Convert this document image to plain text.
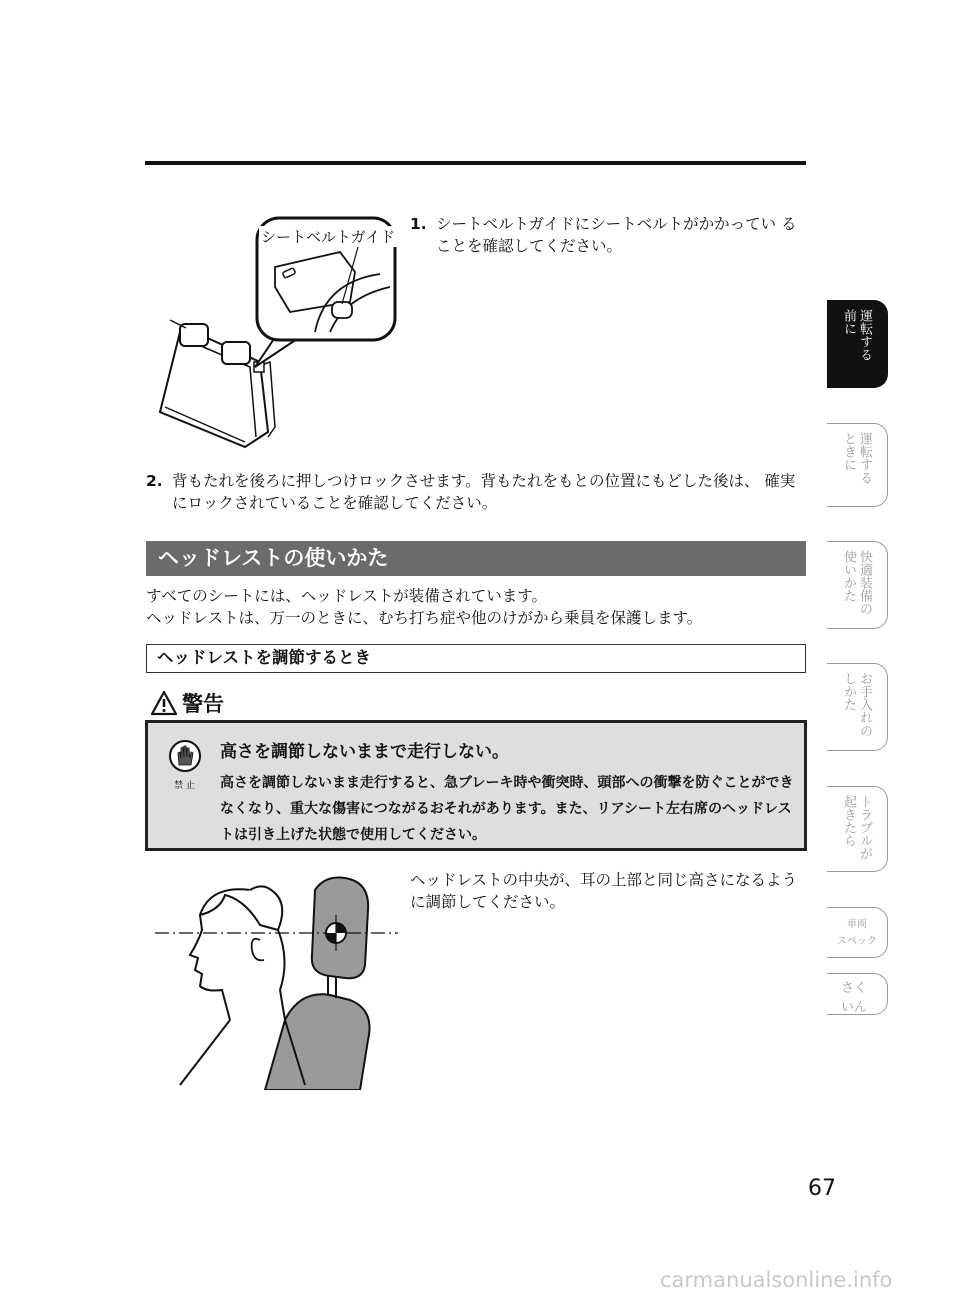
シートベルトガイド
1. シートベルトガイドにシートベルトがかかってい ることを確認してください。
2. 背もたれを後ろに押しつけロックさせます。背もたれをもとの位置にもどした後は、 確実にロックされていることを確認してください。
ヘッドレストの使いかた
すべてのシートには、ヘッドレストが装備されています。
ヘッドレストは、万一のときに、むち打ち症や他のけがから乗員を保護します。
ヘッドレストを調節するとき
警告
禁止
高さを調節しないままで走行しない。
高さを調節しないまま走行すると、急ブレーキ時や衝突時、頭部への衝撃を防ぐことができなくなり、重大な傷害につながるおそれがあります。また、リアシート左右席のヘッドレストは引き上げた状態で使用してください。
ヘッドレストの中央が、耳の上部と同じ高さになるように調節してください。
運転する
前に
運転する
ときに
快適装備の
使いかた
お手入れの
しかた
トラブルが
起きたら
車両
スペック
さく
いん
67
carmanualsonline.info
